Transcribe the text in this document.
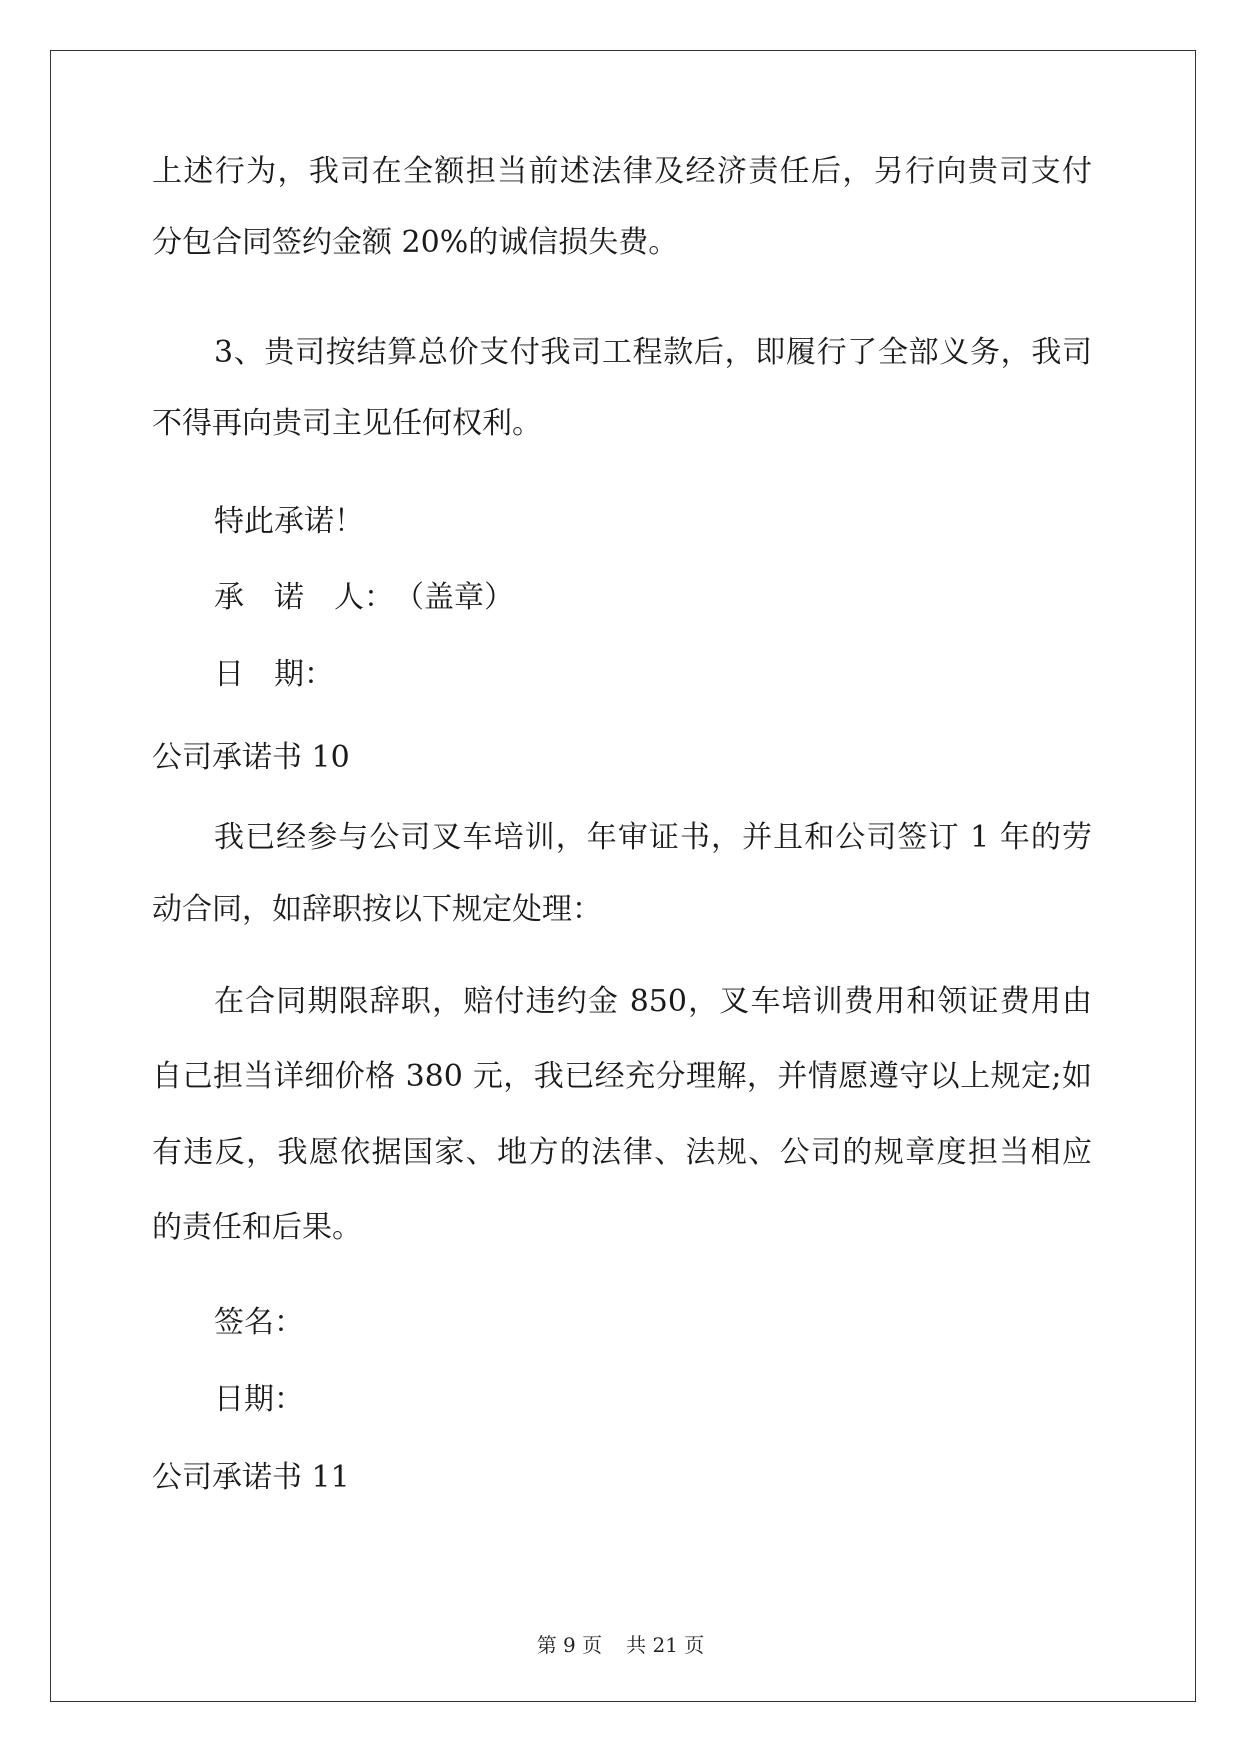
上述行为，我司在全额担当前述法律及经济责任后，另行向贵司支付
分包合同签约金额 20%的诚信损失费。
3、贵司按结算总价支付我司工程款后，即履行了全部义务，我司
不得再向贵司主见任何权利。
特此承诺！
承　诺　人：　（盖章）
日　期：
公司承诺书 10
我已经参与公司叉车培训，年审证书，并且和公司签订 1 年的劳
动合同，如辞职按以下规定处理：
在合同期限辞职，赔付违约金 850，叉车培训费用和领证费用由
自己担当详细价格 380 元，我已经充分理解，并情愿遵守以上规定;如
有违反，我愿依据国家、地方的法律、法规、公司的规章度担当相应
的责任和后果。
签名：
日期：
公司承诺书 11
第 9 页 共 21 页
